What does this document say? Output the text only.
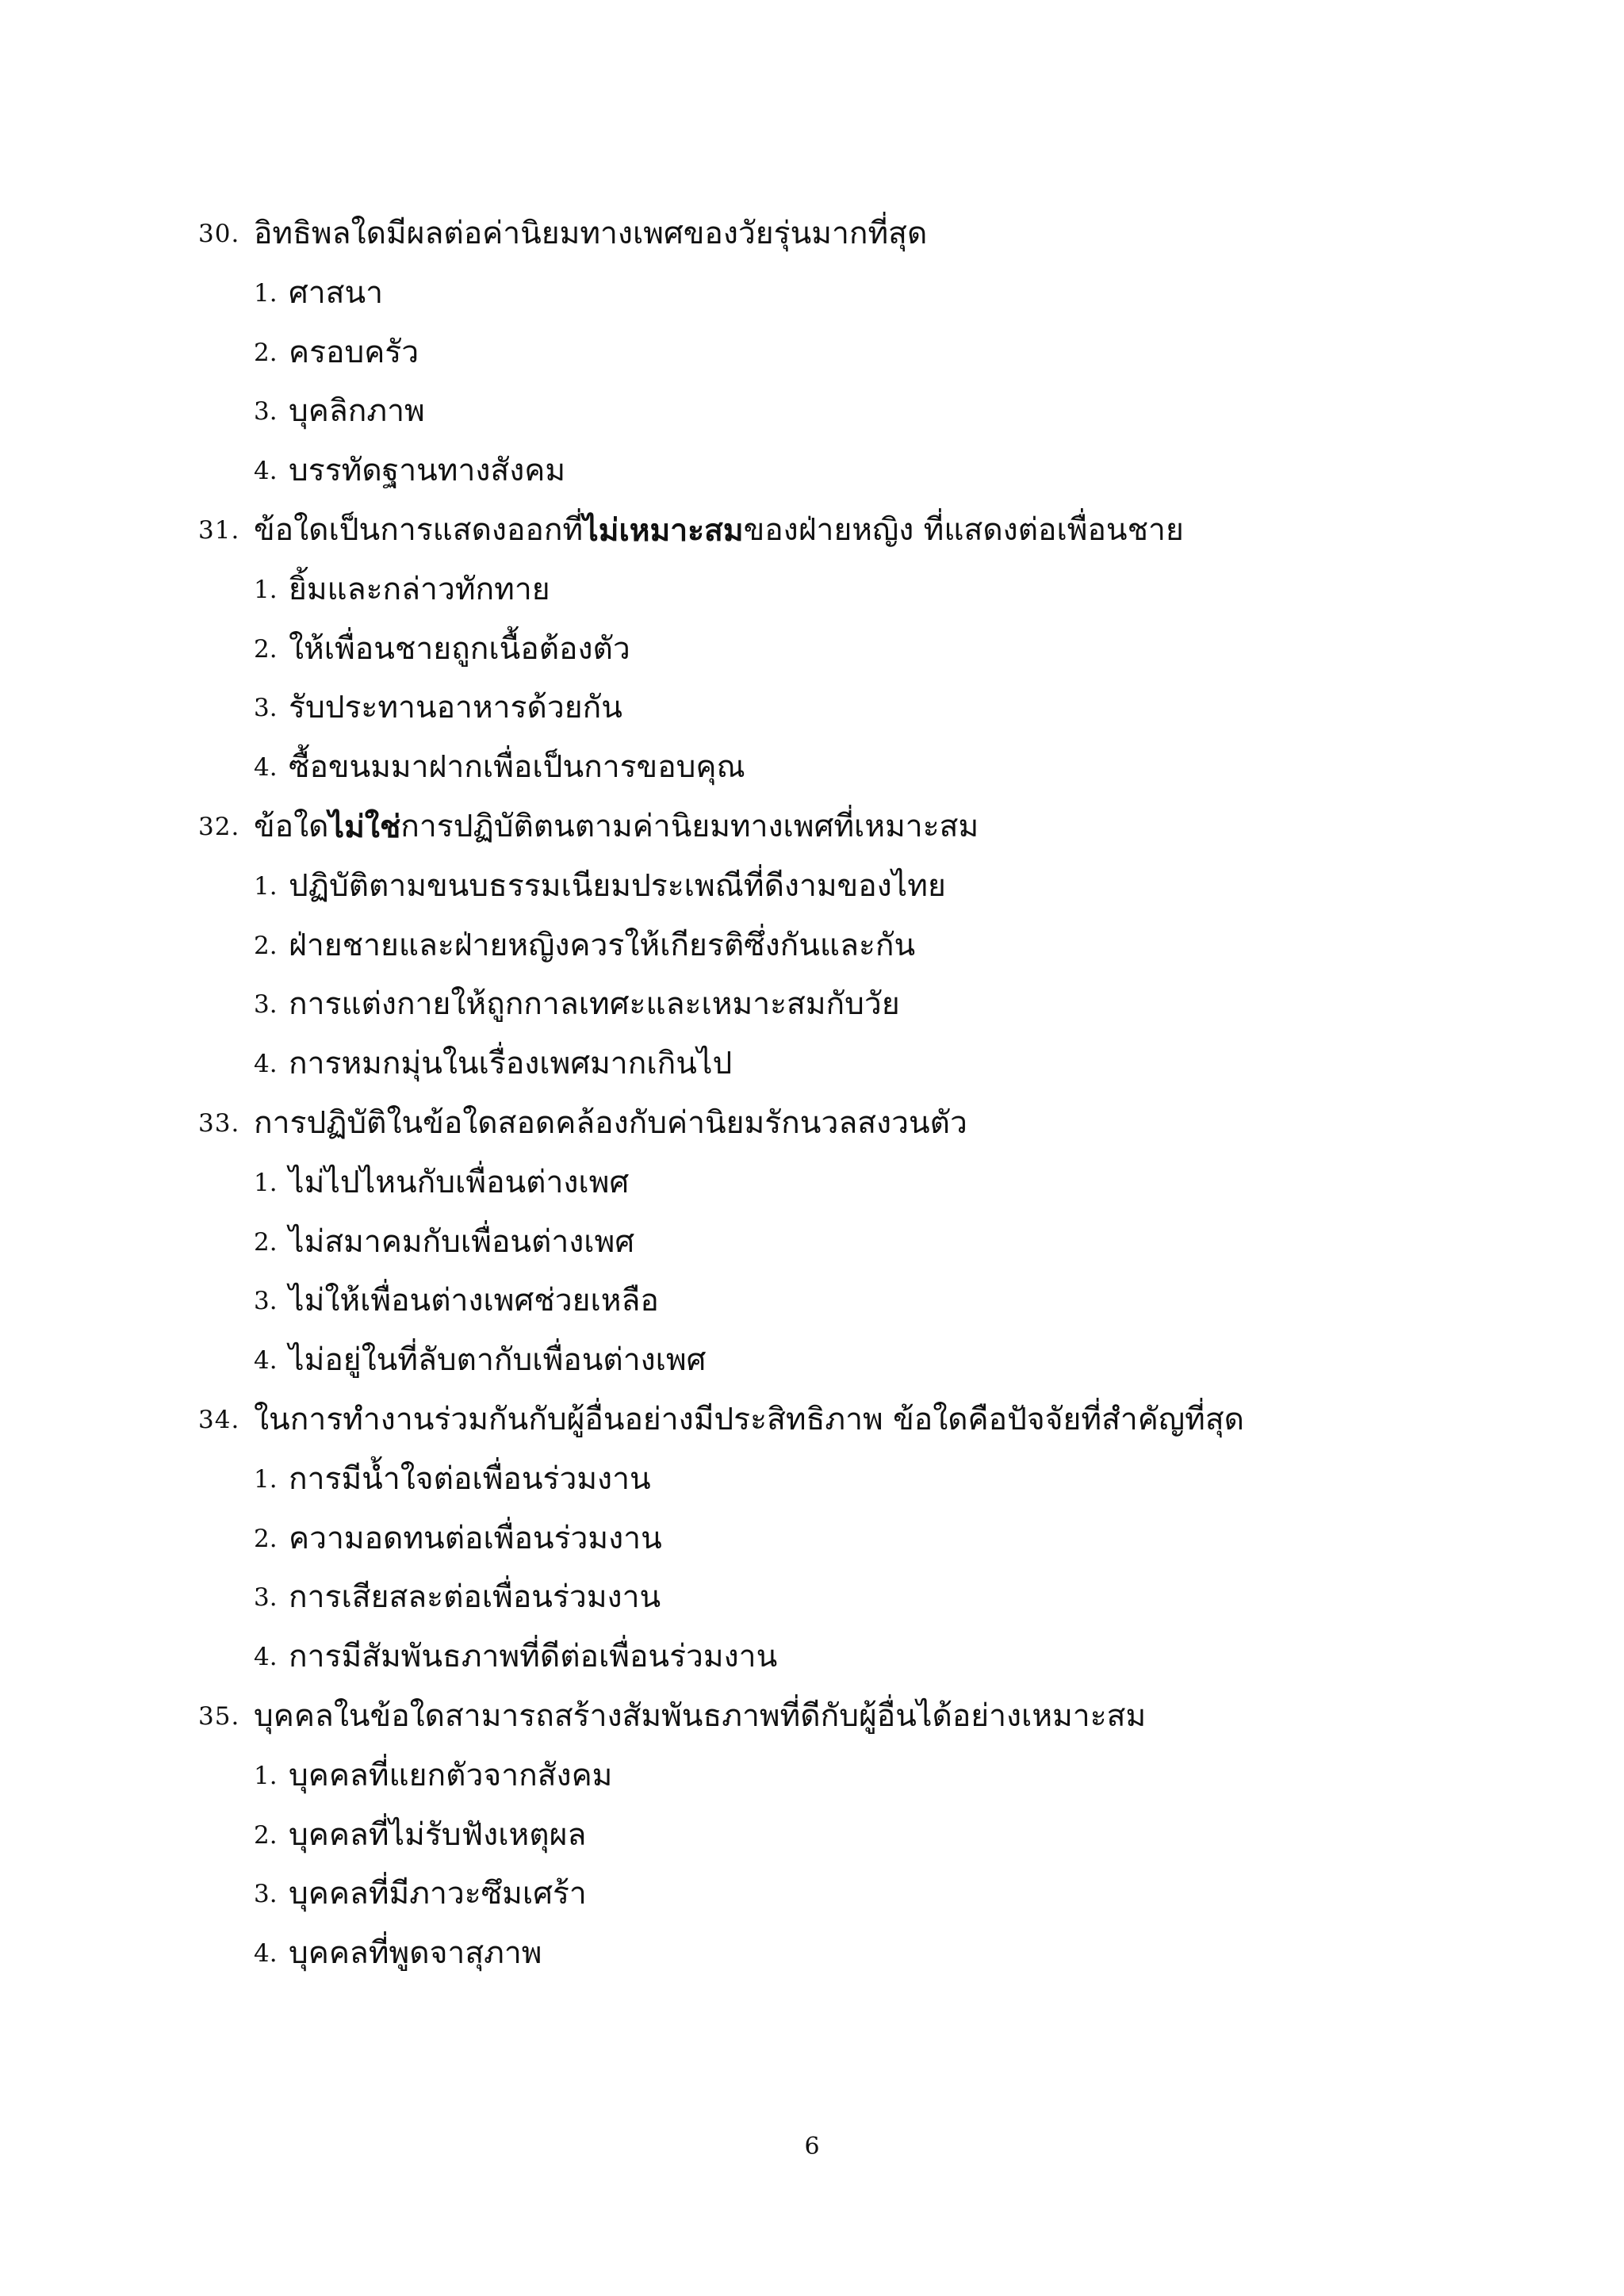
30. อิทธิพลใดมีผลต่อค่านิยมทางเพศของวัยรุ่นมากที่สุด
1. ศาสนา
2. ครอบครัว
3. บุคลิกภาพ
4. บรรทัดฐานทางสังคม
31. ข้อใดเป็นการแสดงออกที่ ไม่เหมาะสม ของฝ่ายหญิง ที่แสดงต่อเพื่อนชาย
1. ยิ้มและกล่าวทักทาย
2. ให้เพื่อนชายถูกเนื้อต้องตัว
3. รับประทานอาหารด้วยกัน
4. ซื้อขนมมาฝากเพื่อเป็นการขอบคุณ
32. ข้อใด ไม่ใช่ การปฏิบัติตนตามค่านิยมทางเพศที่เหมาะสม
1. ปฏิบัติตามขนบธรรมเนียมประเพณีที่ดีงามของไทย
2. ฝ่ายชายและฝ่ายหญิงควรให้เกียรติซึ่งกันและกัน
3. การแต่งกายให้ถูกกาลเทศะและเหมาะสมกับวัย
4. การหมกมุ่นในเรื่องเพศมากเกินไป
33. การปฏิบัติในข้อใดสอดคล้องกับค่านิยมรักนวลสงวนตัว
1. ไม่ไปไหนกับเพื่อนต่างเพศ
2. ไม่สมาคมกับเพื่อนต่างเพศ
3. ไม่ให้เพื่อนต่างเพศช่วยเหลือ
4. ไม่อยู่ในที่ลับตากับเพื่อนต่างเพศ
34. ในการทำงานร่วมกันกับผู้อื่นอย่างมีประสิทธิภาพ ข้อใดคือปัจจัยที่สำคัญที่สุด
1. การมีน้ำใจต่อเพื่อนร่วมงาน
2. ความอดทนต่อเพื่อนร่วมงาน
3. การเสียสละต่อเพื่อนร่วมงาน
4. การมีสัมพันธภาพที่ดีต่อเพื่อนร่วมงาน
35. บุคคลในข้อใดสามารถสร้างสัมพันธภาพที่ดีกับผู้อื่นได้อย่างเหมาะสม
1. บุคคลที่แยกตัวจากสังคม
2. บุคคลที่ไม่รับฟังเหตุผล
3. บุคคลที่มีภาวะซึมเศร้า
4. บุคคลที่พูดจาสุภาพ
6
